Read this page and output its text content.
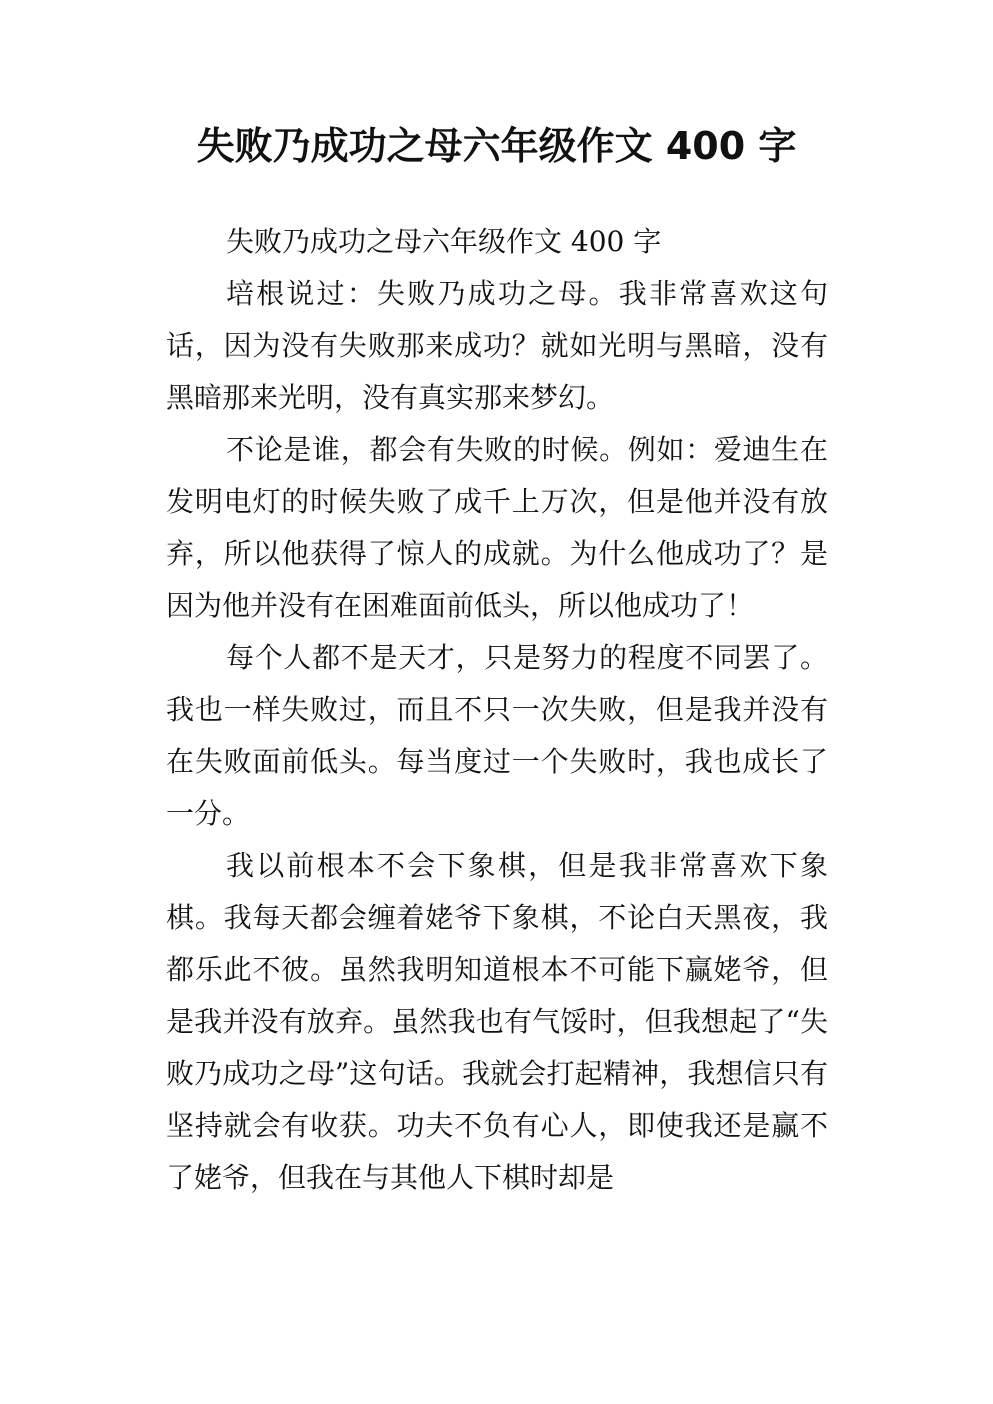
失败乃成功之母六年级作文 400 字

失败乃成功之母六年级作文 400 字

培根说过：失败乃成功之母。我非常喜欢这句话，因为没有失败那来成功？就如光明与黑暗，没有黑暗那来光明，没有真实那来梦幻。

不论是谁，都会有失败的时候。例如：爱迪生在发明电灯的时候失败了成千上万次，但是他并没有放弃，所以他获得了惊人的成就。为什么他成功了？是因为他并没有在困难面前低头，所以他成功了！

每个人都不是天才，只是努力的程度不同罢了。我也一样失败过，而且不只一次失败，但是我并没有在失败面前低头。每当度过一个失败时，我也成长了一分。

我以前根本不会下象棋，但是我非常喜欢下象棋。我每天都会缠着姥爷下象棋，不论白天黑夜，我都乐此不彼。虽然我明知道根本不可能下赢姥爷，但是我并没有放弃。虽然我也有气馁时，但我想起了“失败乃成功之母”这句话。我就会打起精神，我想信只有坚持就会有收获。功夫不负有心人，即使我还是赢不了姥爷，但我在与其他人下棋时却是
